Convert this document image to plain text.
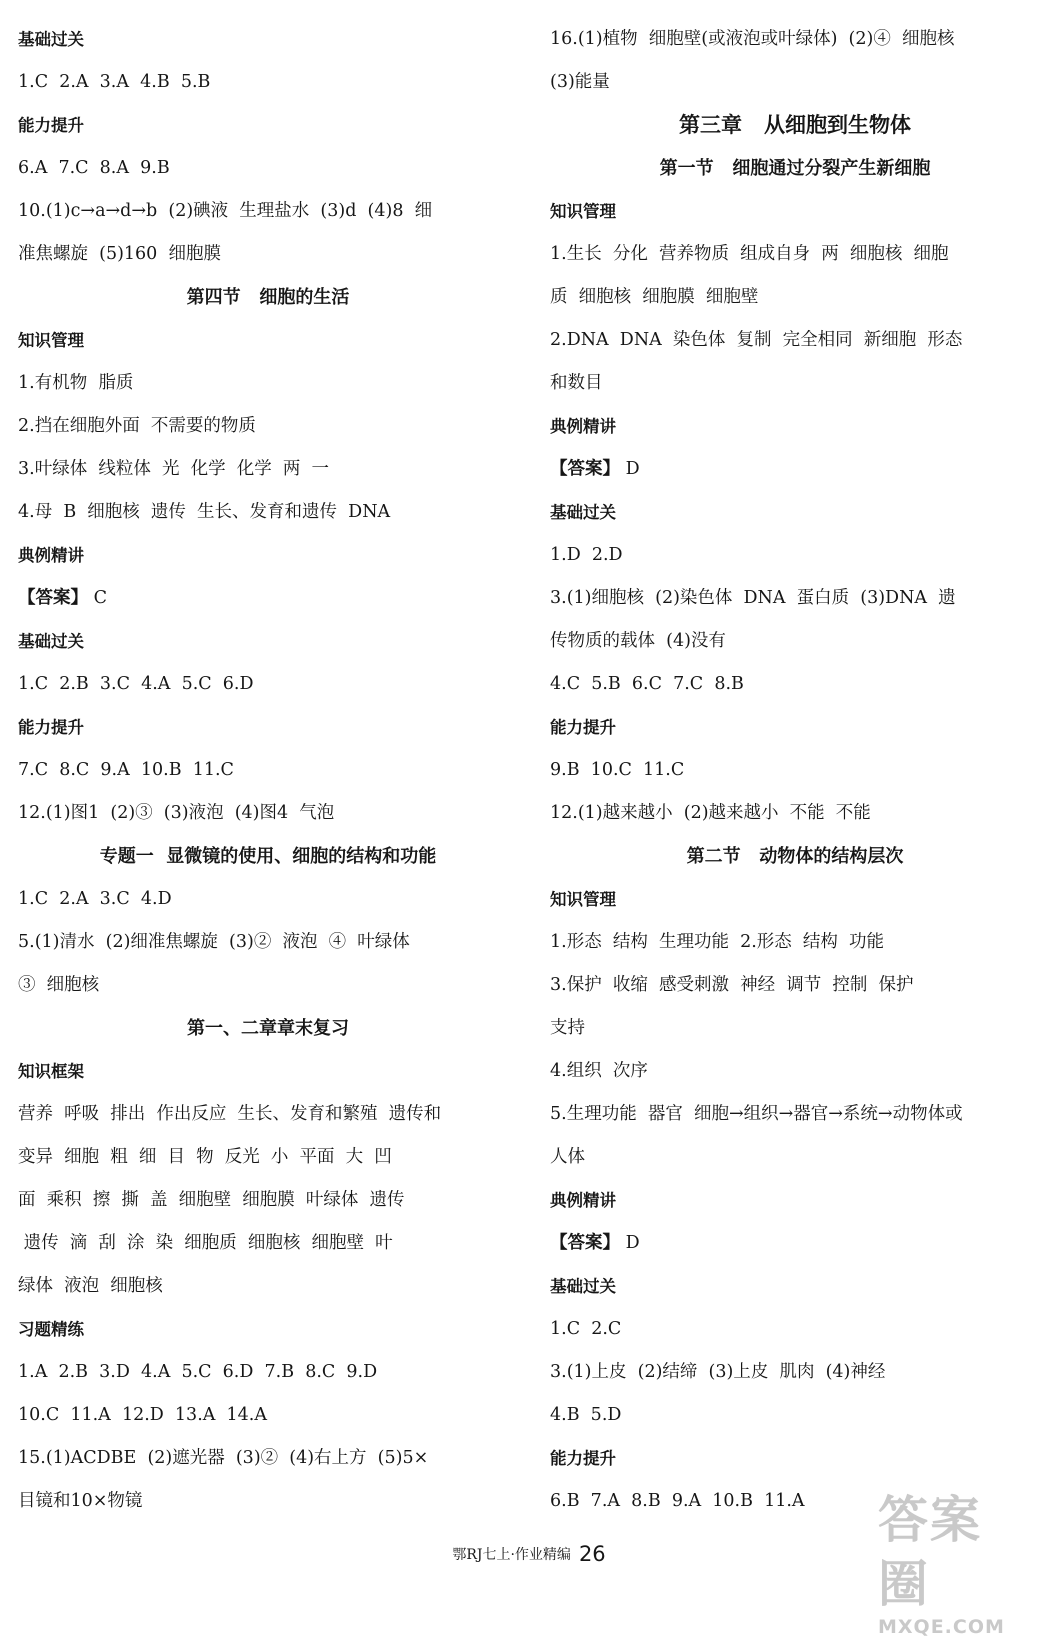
基础过关
1.C  2.A  3.A  4.B  5.B
能力提升
6.A  7.C  8.A  9.B
10.(1)c→a→d→b  (2)碘液  生理盐水  (3)d  (4)8  细
准焦螺旋  (5)160  细胞膜
第四节   细胞的生活
知识管理
1.有机物  脂质
2.挡在细胞外面  不需要的物质
3.叶绿体  线粒体  光  化学  化学  两  一
4.母  B  细胞核  遗传  生长、发育和遗传  DNA
典例精讲
【答案】 C
基础过关
1.C  2.B  3.C  4.A  5.C  6.D
能力提升
7.C  8.C  9.A  10.B  11.C
12.(1)图1  (2)③  (3)液泡  (4)图4  气泡
专题一  显微镜的使用、细胞的结构和功能
1.C  2.A  3.C  4.D
5.(1)清水  (2)细准焦螺旋  (3)②  液泡  ④  叶绿体
③  细胞核
第一、二章章末复习
知识框架
营养  呼吸  排出  作出反应  生长、发育和繁殖  遗传和
变异  细胞  粗  细  目  物  反光  小  平面  大  凹
面  乘积  擦  撕  盖  细胞壁  细胞膜  叶绿体  遗传
遗传  滴  刮  涂  染  细胞质  细胞核  细胞壁  叶
绿体  液泡  细胞核
习题精练
1.A  2.B  3.D  4.A  5.C  6.D  7.B  8.C  9.D
10.C  11.A  12.D  13.A  14.A
15.(1)ACDBE  (2)遮光器  (3)②  (4)右上方  (5)5×
目镜和10×物镜
16.(1)植物  细胞壁(或液泡或叶绿体)  (2)④  细胞核
(3)能量
第三章   从细胞到生物体
第一节   细胞通过分裂产生新细胞
知识管理
1.生长  分化  营养物质  组成自身  两  细胞核  细胞
质  细胞核  细胞膜  细胞壁
2.DNA  DNA  染色体  复制  完全相同  新细胞  形态
和数目
典例精讲
【答案】 D
基础过关
1.D  2.D
3.(1)细胞核  (2)染色体  DNA  蛋白质  (3)DNA  遗
传物质的载体  (4)没有
4.C  5.B  6.C  7.C  8.B
能力提升
9.B  10.C  11.C
12.(1)越来越小  (2)越来越小  不能  不能
第二节   动物体的结构层次
知识管理
1.形态  结构  生理功能  2.形态  结构  功能
3.保护  收缩  感受刺激  神经  调节  控制  保护
支持
4.组织  次序
5.生理功能  器官  细胞→组织→器官→系统→动物体或
人体
典例精讲
【答案】 D
基础过关
1.C  2.C
3.(1)上皮  (2)结缔  (3)上皮  肌肉  (4)神经
4.B  5.D
能力提升
6.B  7.A  8.B  9.A  10.B  11.A
鄂RJ七上·作业精编 26
答案圈
MXQE.COM
